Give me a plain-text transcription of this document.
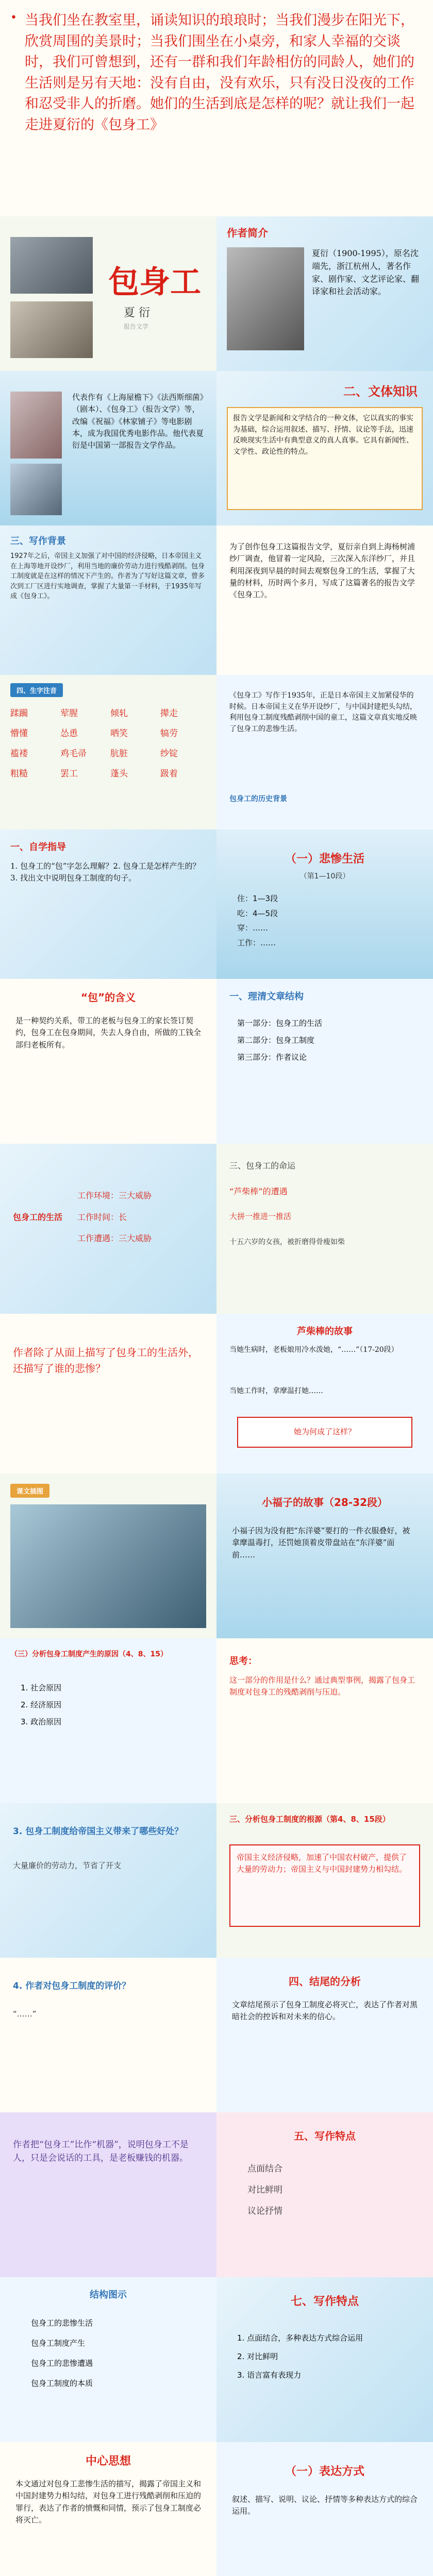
• 当我们坐在教室里，诵读知识的琅琅时；当我们漫步在阳光下，欣赏周围的美景时；当我们围坐在小桌旁，和家人幸福的交谈时，我们可曾想到，还有一群和我们年龄相仿的同龄人，她们的生活则是另有天地：没有自由，没有欢乐，只有没日没夜的工作和忍受非人的折磨。她们的生活到底是怎样的呢？就让我们一起走进夏衍的《包身工》
包身工
夏 衍
报告文学
作者简介
夏衍（1900-1995），原名沈端先，浙江杭州人，著名作家、剧作家、文艺评论家、翻译家和社会活动家。
代表作有《上海屋檐下》《法西斯细菌》（剧本）、《包身工》（报告文学）等，改编《祝福》《林家铺子》等电影剧本，成为我国优秀电影作品。他代表夏衍是中国第一部报告文学作品。
二、文体知识
报告文学是新闻和文学结合的一种文体，它以真实的事实为基础，综合运用叙述、描写、抒情、议论等手法，迅速反映现实生活中有典型意义的真人真事。它具有新闻性、文学性、政论性的特点。
三、写作背景
1927年之后，帝国主义加强了对中国的经济侵略，日本帝国主义在上海等地开设纱厂，利用当地的廉价劳动力进行残酷剥削。包身工制度就是在这样的情况下产生的。作者为了写好这篇文章，曾多次到工厂区进行实地调查，掌握了大量第一手材料，于1935年写成《包身工》。
为了创作包身工这篇报告文学，夏衍亲自到上海杨树浦纱厂调查，他冒着一定风险，三次深入东洋纱厂，并且利用深夜到早晨的时间去观察包身工的生活，掌握了大量的材料，历时两个多月，写成了这篇著名的报告文学《包身工》。
四、生字注音
蹂躏	荤腥	倾轧	撵走
懵懂	怂恿	哂笑	犒劳
褴褛	鸡毛帚	肮脏	纱锭
粗糙	罢工	蓬头	趿着
《包身工》写作于1935年，正是日本帝国主义加紧侵华的时候。日本帝国主义在华开设纱厂，与中国封建把头勾结，利用包身工制度残酷剥削中国的童工，这篇文章真实地反映了包身工的悲惨生活。
包身工的历史背景
一、自学指导
1. 包身工的“包”字怎么理解？2. 包身工是怎样产生的？3. 找出文中说明包身工制度的句子。
（一）悲惨生活
（第1—10段）
住：1—3段
吃：4—5段
穿：……
工作：……
“包”的含义
是一种契约关系，带工的老板与包身工的家长签订契约，包身工在包身期间，失去人身自由，所做的工钱全部归老板所有。
一、理清文章结构
第一部分：包身工的生活
第二部分：包身工制度
第三部分：作者议论
包身工的生活
工作环境：三大威胁
工作时间：长
工作遭遇：三大威胁
三、包身工的命运
“芦柴棒”的遭遇
大拼一推进一推活
十五六岁的女孩，被折磨得骨瘦如柴
作者除了从面上描写了包身工的生活外，还描写了谁的悲惨？
芦柴棒的故事
当她生病时，老板娘用冷水泼她，“……”（17-20段）
当她工作时，拿摩温打她……
她为何成了这样？
课文插图
小福子的故事（28-32段）
小福子因为没有把“东洋婆”要打的一件衣服叠好，被拿摩温毒打，还罚她顶着皮带盘站在“东洋婆”面前……
（三）分析包身工制度产生的原因（4、8、15）
1. 社会原因
2. 经济原因
3. 政治原因
思考：
这一部分的作用是什么？通过典型事例，揭露了包身工制度对包身工的残酷剥削与压迫。
3. 包身工制度给帝国主义带来了哪些好处？
大量廉价的劳动力，节省了开支
三、分析包身工制度的根源（第4、8、15段）
帝国主义经济侵略，加速了中国农村破产，提供了大量的劳动力；帝国主义与中国封建势力相勾结。
4. 作者对包身工制度的评价？
“……”
四、结尾的分析
文章结尾预示了包身工制度必将灭亡，表达了作者对黑暗社会的控诉和对未来的信心。
作者把“包身工”比作“机器”，说明包身工不是人，只是会说话的工具，是老板赚钱的机器。
五、写作特点
点面结合
对比鲜明
议论抒情
结构图示
包身工的悲惨生活
包身工制度产生
包身工的悲惨遭遇
包身工制度的本质
七、写作特点
1. 点面结合，多种表达方式综合运用
2. 对比鲜明
3. 语言富有表现力
中心思想
本文通过对包身工悲惨生活的描写，揭露了帝国主义和中国封建势力相勾结，对包身工进行残酷剥削和压迫的罪行，表达了作者的愤慨和同情，预示了包身工制度必将灭亡。
（一）表达方式
叙述、描写、说明、议论、抒情等多种表达方式的综合运用。
